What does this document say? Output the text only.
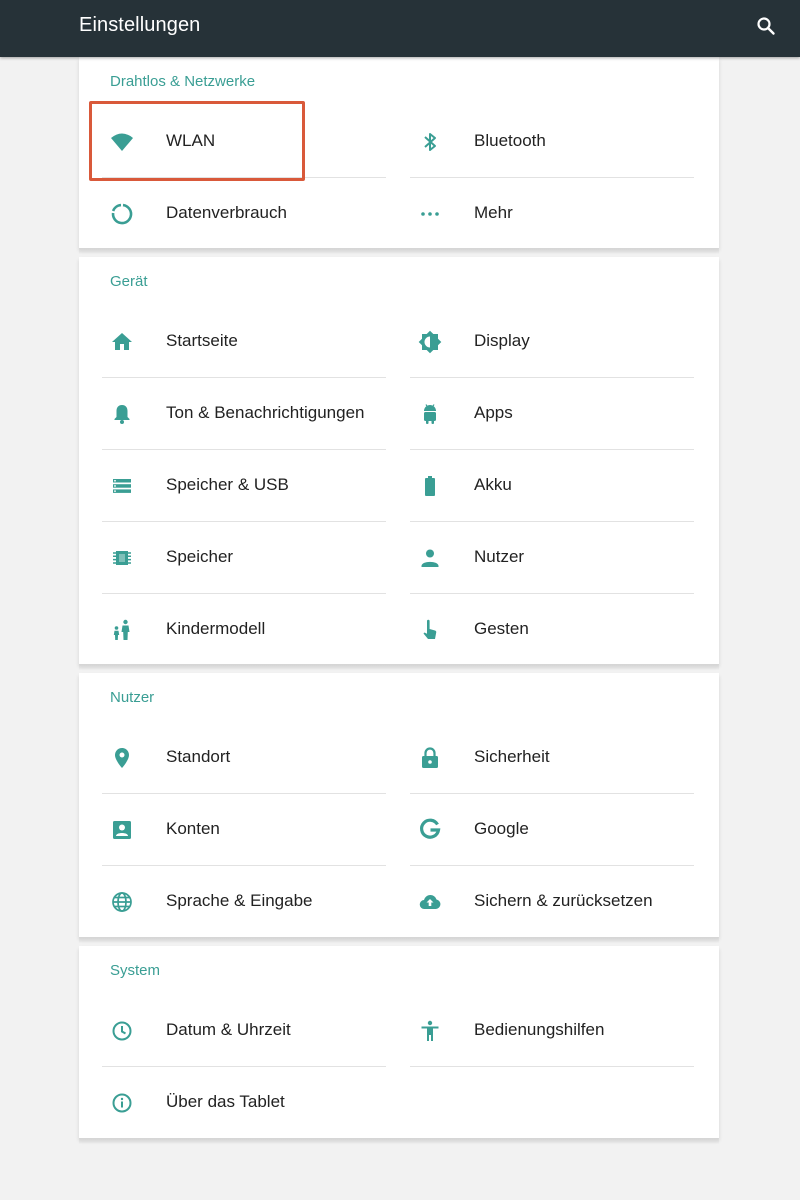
Einstellungen
Drahtlos & Netzwerke
WLAN	Bluetooth
Datenverbrauch	Mehr
Gerät
Startseite	Display
Ton & Benachrichtigungen	Apps
Speicher & USB	Akku
Speicher	Nutzer
Kindermodell	Gesten
Nutzer
Standort	Sicherheit
Konten	Google
Sprache & Eingabe	Sichern & zurücksetzen
System
Datum & Uhrzeit	Bedienungshilfen
Über das Tablet
